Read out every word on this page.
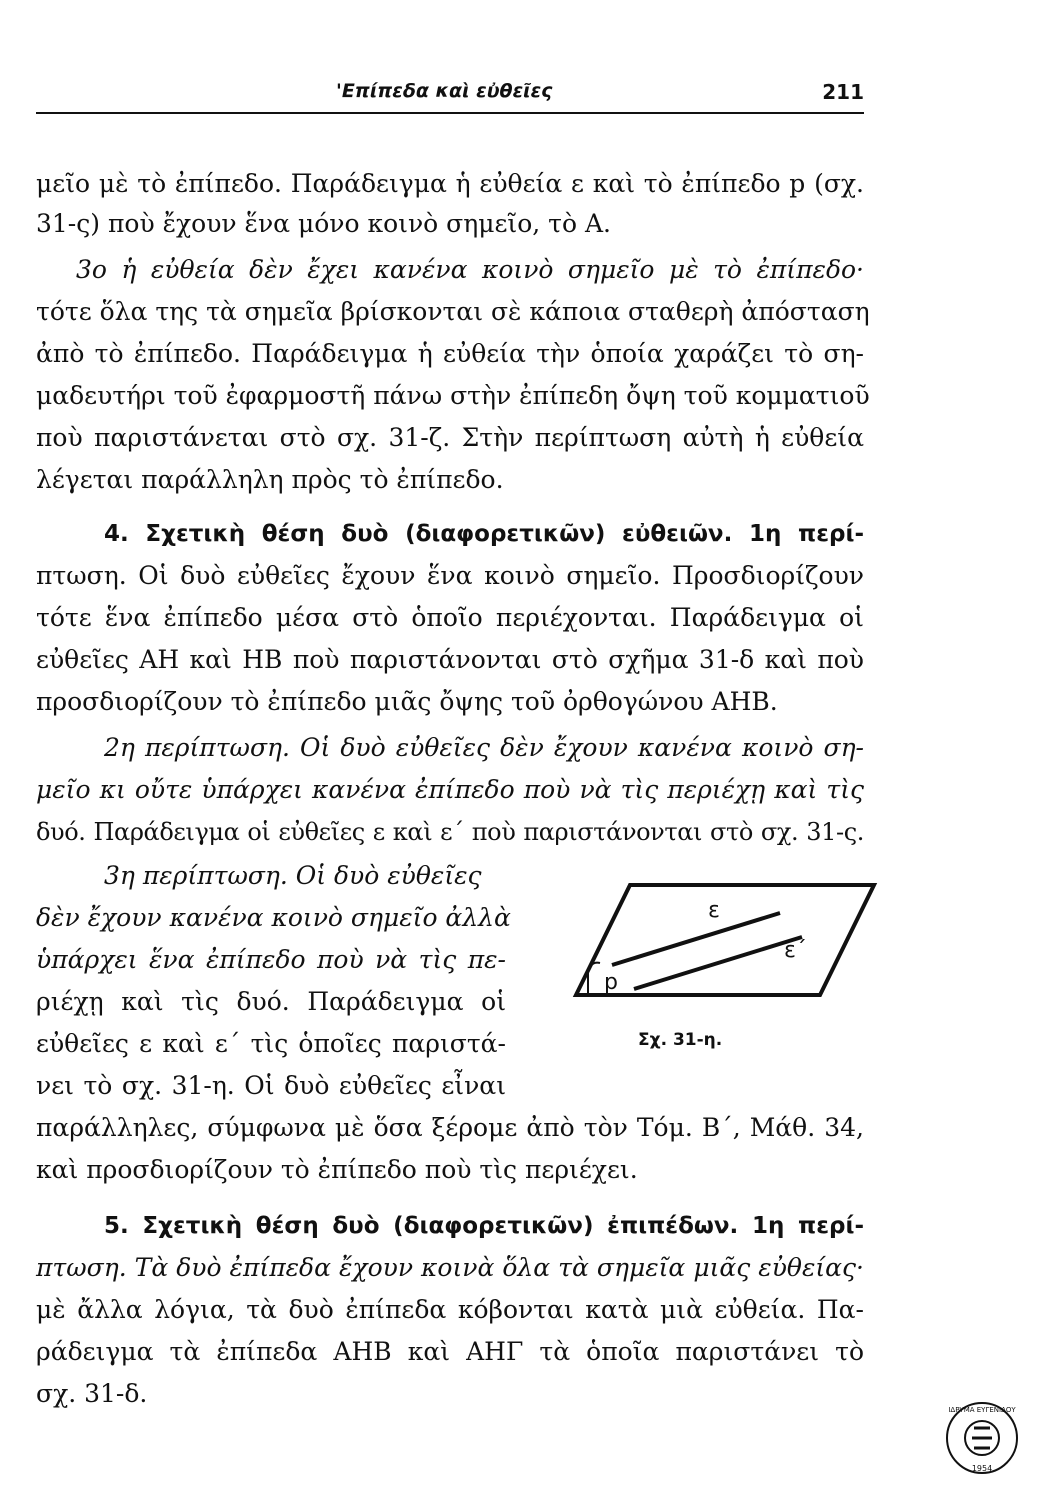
'Επίπεδα καὶ εὐθεῖες	211
μεῖο μὲ τὸ ἐπίπεδο. Παράδειγμα ἡ εὐθεία ε καὶ τὸ ἐπίπεδο p (σχ.
31-ς) ποὺ ἔχουν ἕνα μόνο κοινὸ σημεῖο, τὸ Α.
3ο ἡ εὐθεία δὲν ἔχει κανένα κοινὸ σημεῖο μὲ τὸ ἐπίπεδο·
τότε ὅλα της τὰ σημεῖα βρίσκονται σὲ κάποια σταθερὴ ἀπόσταση
ἀπὸ τὸ ἐπίπεδο. Παράδειγμα ἡ εὐθεία τὴν ὁποία χαράζει τὸ ση-
μαδευτήρι τοῦ ἐφαρμοστῆ πάνω στὴν ἐπίπεδη ὄψη τοῦ κομματιοῦ
ποὺ παριστάνεται στὸ σχ. 31-ζ. Στὴν περίπτωση αὐτὴ ἡ εὐθεία
λέγεται παράλληλη πρὸς τὸ ἐπίπεδο.
4. Σχετικὴ θέση δυὸ (διαφορετικῶν) εὐθειῶν. 1η περί-
πτωση. Οἱ δυὸ εὐθεῖες ἔχουν ἕνα κοινὸ σημεῖο. Προσδιορίζουν
τότε ἕνα ἐπίπεδο μέσα στὸ ὁποῖο περιέχονται. Παράδειγμα οἱ
εὐθεῖες ΑΗ καὶ ΗΒ ποὺ παριστάνονται στὸ σχῆμα 31-δ καὶ ποὺ
προσδιορίζουν τὸ ἐπίπεδο μιᾶς ὄψης τοῦ ὀρθογώνου ΑΗΒ.
2η περίπτωση. Οἱ δυὸ εὐθεῖες δὲν ἔχουν κανένα κοινὸ ση-
μεῖο κι οὔτε ὑπάρχει κανένα ἐπίπεδο ποὺ νὰ τὶς περιέχῃ καὶ τὶς
δυό. Παράδειγμα οἱ εὐθεῖες ε καὶ ε΄ ποὺ παριστάνονται στὸ σχ. 31-ς.
3η περίπτωση. Οἱ δυὸ εὐθεῖες
δὲν ἔχουν κανένα κοινὸ σημεῖο ἀλλὰ
ὑπάρχει ἕνα ἐπίπεδο ποὺ νὰ τὶς πε-
ριέχῃ καὶ τὶς δυό. Παράδειγμα οἱ
εὐθεῖες ε καὶ ε΄ τὶς ὁποῖες παριστά-
νει τὸ σχ. 31-η. Οἱ δυὸ εὐθεῖες εἶναι
ε
ε΄
p
Σχ. 31-η.
παράλληλες, σύμφωνα μὲ ὅσα ξέρομε ἀπὸ τὸν Τόμ. Β΄, Μάθ. 34,
καὶ προσδιορίζουν τὸ ἐπίπεδο ποὺ τὶς περιέχει.
5. Σχετικὴ θέση δυὸ (διαφορετικῶν) ἐπιπέδων. 1η περί-
πτωση. Τὰ δυὸ ἐπίπεδα ἔχουν κοινὰ ὅλα τὰ σημεῖα μιᾶς εὐθείας·
μὲ ἄλλα λόγια, τὰ δυὸ ἐπίπεδα κόβονται κατὰ μιὰ εὐθεία. Πα-
ράδειγμα τὰ ἐπίπεδα ΑΗΒ καὶ ΑΗΓ τὰ ὁποῖα παριστάνει τὸ
σχ. 31-δ.
ΙΔΡΥΜΑ ΕΥΓΕΝΙΔΟΥ
1954
